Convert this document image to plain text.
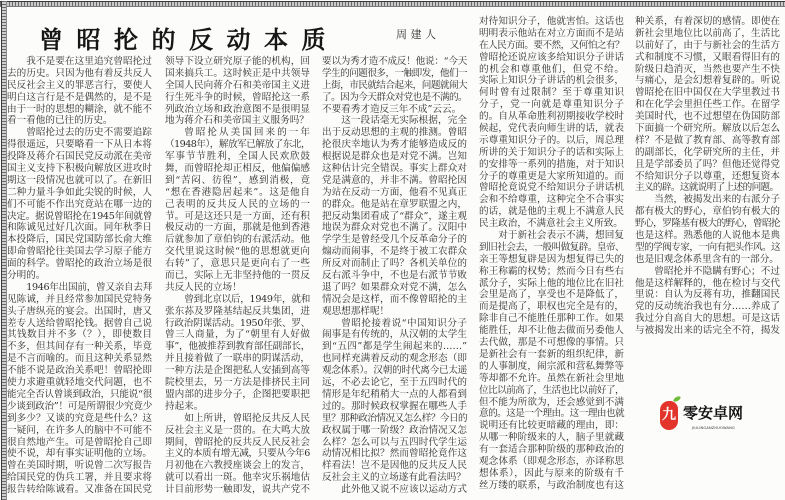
曾昭抡的反动本质	周建人
我不是要在这里追究曾昭抡过
去的历史。只因为他有着反共反人
民反社会主义的罪恶言行，要使人
明白这言行是不是偶然的，是不是
由于一时的思想的糊涂，就不能不
看一看他的已往的历史。
曾昭抡过去的历史不需要追踪
得很遥远，只要略看一下从日本将
投降及蒋介石国民党反动派在美帝
国主义支持下积极向解放区进攻时
期这一段情况也就可以了。在新旧
二种力量斗争如此尖锐的时候，人
们不可能不作出究竟站在哪一边的
决定。据说曾昭抡在1945年间就曾
和陈诚见过好几次面。同年秋季日
本投降后，国民党国防部长俞大维
即命曾昭抡往美国去学习原子能方
面的科学。曾昭抡的政治立场是很
分明的。
1946年出国前，曾又亲自去拜
见陈诚，并且经常参加国民党特务
头子唐纵亮的宴会。出国时，唐又
差专人送给曾昭抡钱。据曾自己说
其钱数目并不多（？），即使数目
不多，但其间存有一种关系，毕竟
是不言而喻的。而且这种关系显然
不能不说是政治关系吧！曾昭抡即
使力求避重就轻地交代问题，也不
能完全否认曾谈到政治，只能说“很
少谈到政治”！可是所谓很少究竟少
到多少？又谈的究竟是些什么？这
一疑问，在许多人的脑中不可能不
很自然地产生。可是曾昭抡自己即
使不说，却有事实证明他的立场。
曾在美国时期，听说曾二次写报告
给国民党的伪兵工署，并且要求将
报告转给陈诚看。又准备在国民党
领导下设立研究原子能的机构，回
国来搞兵工。这时候正是中共领导
全国人民向蒋介石和美帝国主义进
行生死斗争的时候，曾昭抡这一系
列政治立场和政治意图不是很明显
地为蒋介石和美帝国主义服务吗？
曾昭抡从美国回来的一年
（1948年），解放军已解放了东北，
军事节节胜利，全国人民欢欣鼓
舞，而曾昭抡却正相反，他偏偏感
到“苦闷、彷徨”，感到消极，竟
“想在香港隐居起来”。这是他自
己表明的反共反人民的立场的一
节。可是这还只是一方面，还有积
极反动的一方面，那就是他到香港
后就参加了章伯钧的右派活动。他
交代里说这时候“他的思想就更向
右转”了，意思只是更向右了一些
而已，实际上无非坚持他的一贯反
共反人民的立场！
曾到北京以后，1949年，就和
张东荪及罗隆基结起反共集团，进
行政治阴谋活动。1950年张、罗、
曾三人商量，为了“朝里有人好做
事”，他被推荐到教育部任副部长，
并且接着做了一联串的阴谋活动，
一种方法是企图把私人安插到高等
院校里去，另一方法是排挤民主同
盟内部的进步分子，企图把要职把
持起来。
如上所讲，曾昭抡反共反人民
反社会主义是一贯的。在大鸣大放
期间，曾昭抡的反共反人民反社会
主义的本质有增无减，只要从今年6
月初他在六教授座谈会上的发言，
就可以看出一斑。他幸灾乐祸地估
计目前形势一触即发，说共产党不
要以为秀才造不成反！他说：“今天
学生的问题很多，一触即发，他们一
上街，市民就结合起来，问题就闹大
了。因为今天群众对党也是不满的。
不要看秀才造反三年不成”云云。
这一段话毫无实际根据，完全
出于反动思想的主观的推测。曾昭
抡很庆幸地认为秀才能够造成反的
根据说是群众也是对党不满。岂知
这种估计完全错误。事实上群众对
党是满意的，并非不满。曾昭抡因
为站在反动一方面，他看不见真正
的群众。他是站在章罗联盟之内，
把反动集团看成了“群众”，遂主观
地误为群众对党也不满了。汉阳中
学学生是曾经受几个反革命分子的
煽动而闹事，不是终于被工农群众
所反对而制止了吗？各机关单位的
反右派斗争中，不也是右派节节败
退了吗？如果群众对党不满，怎么
情况会是这样，而不像曾昭抡的主
观思想那样呢！
曾昭抡接着说“中国知识分子
闹事是有传统的，从汉朝的太学生
到“五四”都是学生闹起来的……”
也同样充满着反动的观念形态（即
观念体系）。汉朝的时代离今已太遥
远，不必去论它，至于五四时代的
情形是年纪稍稍大一点的人都看到
过的。那时候政权掌握在哪些人手
里？那种政治情况又怎么样？今日的
政权属于哪一阶级？政治情况又怎
么样？怎么可以与五四时代学生运
动情况相比拟？然而曾昭抡竟作这
样看法！岂不是因他的反共反人民
反社会主义的立场遂有此看法吗？
此外他又说不应该以运动方式
对待知识分子，他就害怕。这话也
明明表示他站在对立方面而不是站
在人民方面。要不然，又何怕之有？
曾昭抡还说应该多给知识分子讲话
的机会和尊重他们，但党不给。
实际上知识分子讲话的机会很多，
何时曾有过限制？至于尊重知识
分子，党一向就是尊重知识分子
的。自从革命胜利初期接收学校时
候起，党代表向师生讲的话，就表
示尊重知识分子的。以后，周总理
所讲的关于知识分子的话和实际上
的安排等一系列的措施，对于知识
分子的尊重更是大家所知道的。而
曾昭抡竟说党不给知识分子讲话机
会和不给尊重，这种完全不合事实
的话，就是他的主观上不满意人民
民主政治，不满意社会主义所致。
对于新社会表示不满，想回复
到旧社会去，一般叫做复辟。皇帝、
亲王等想复辟是因为想复得已失的
称王称霸的权势；然而今日有些右
派分子，实际上他的地位比在旧社
会里是高了，享受也不是降低了，
而是提高了，职权也完全是有的，
除非自己不能胜任那种工作。如果
能胜任，却不让他去做而另委他人
去代做，那是不可想像的事情。只
是新社会有一套新的组织纪律，新
的人事制度，闹宗派和营私舞弊等
等却都不允许。虽然在新社会里地
位比以前高了，生活也比以前好了，
但不能为所欲为，还会感觉到不满
意的。这是一个理由。这一理由也就
说明还有比较更暗藏的理由，即：
从哪一种阶级来的人，脑子里就藏
有一套适合那种阶级的那种政治的
观念体系（即观念形态，亦译称思
想体系），因此与原来的阶级有千
丝万缕的联系，与政治制度也有这
种关系，有着深切的感情。即使在
新社会里地位比以前高了，生活比
以前好了，由于与新社会的生活方
式和制度不习惯，又眼看得旧有的
阶级日趋消灭，当然也要产生不快
与痛心，是会幻想着复辟的。听说
曾昭抡在旧中国仅在大学里教过书
和在化学会里担任些工作。在留学
美国时代，也不过想望在伪国防部
下面搞一个研究所。解放以后怎么
样？不是做了教育部、高等教育部
的副部长，化学研究所的主任，并
且是学部委员了吗？但他还觉得党
不给知识分子以尊重，还想复资本
主义的辟。这就说明了上述的问题。
当然，被揭发出来的右派分子
都有极大的野心，章伯钧有极大的
野心，罗隆基有极大的野心，曾昭抡
也是这样。熟悉他的人说他本是典
型的学阀专家，一向有把头作风。这
也是旧观念体系里含有的一部分。
曾昭抡并不隐瞒有野心；不过
他是这样解释的，他在检讨与交代
里说：自认为反蒋有功，推翻国民
党的反动统治我也有分……养成了
我过分自高自大的思想。可是这话
与被揭发出来的话完全不符，揭发
九 零安卓网
JIULINGANZHUOWANG
